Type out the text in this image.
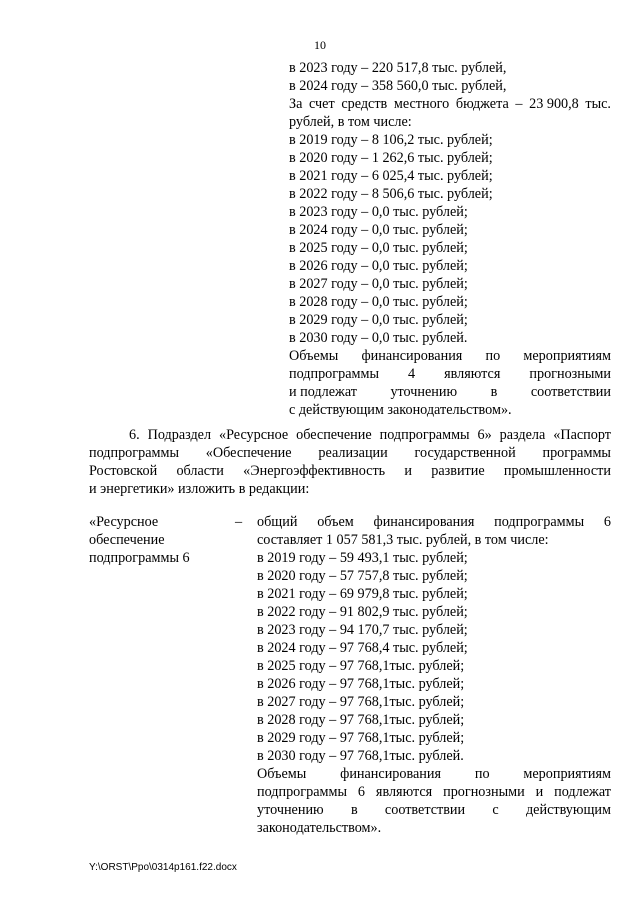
10
в 2023 году – 220 517,8 тыс. рублей,
в 2024 году – 358 560,0 тыс. рублей,
За счет средств местного бюджета – 23 900,8 тыс.
рублей, в том числе:
в 2019 году – 8 106,2 тыс. рублей;
в 2020 году – 1 262,6 тыс. рублей;
в 2021 году – 6 025,4 тыс. рублей;
в 2022 году – 8 506,6 тыс. рублей;
в 2023 году – 0,0 тыс. рублей;
в 2024 году – 0,0 тыс. рублей;
в 2025 году – 0,0 тыс. рублей;
в 2026 году – 0,0 тыс. рублей;
в 2027 году – 0,0 тыс. рублей;
в 2028 году – 0,0 тыс. рублей;
в 2029 году – 0,0 тыс. рублей;
в 2030 году – 0,0 тыс. рублей.
Объемы финансирования по мероприятиям
подпрограммы 4 являются прогнозными
и подлежат уточнению в соответствии
с действующим законодательством».
6. Подраздел «Ресурсное обеспечение подпрограммы 6» раздела «Паспорт
подпрограммы «Обеспечение реализации государственной программы
Ростовской области «Энергоэффективность и развитие промышленности
и энергетики» изложить в редакции:
«Ресурсное
обеспечение
подпрограммы 6
– общий объем финансирования подпрограммы 6
составляет 1 057 581,3 тыс. рублей, в том числе:
в 2019 году – 59 493,1 тыс. рублей;
в 2020 году – 57 757,8 тыс. рублей;
в 2021 году – 69 979,8 тыс. рублей;
в 2022 году – 91 802,9 тыс. рублей;
в 2023 году – 94 170,7 тыс. рублей;
в 2024 году – 97 768,4 тыс. рублей;
в 2025 году – 97 768,1тыс. рублей;
в 2026 году – 97 768,1тыс. рублей;
в 2027 году – 97 768,1тыс. рублей;
в 2028 году – 97 768,1тыс. рублей;
в 2029 году – 97 768,1тыс. рублей;
в 2030 году – 97 768,1тыс. рублей.
Объемы финансирования по мероприятиям
подпрограммы 6 являются прогнозными и подлежат
уточнению в соответствии с действующим
законодательством».
Y:\ORST\Ppo\0314p161.f22.docx
